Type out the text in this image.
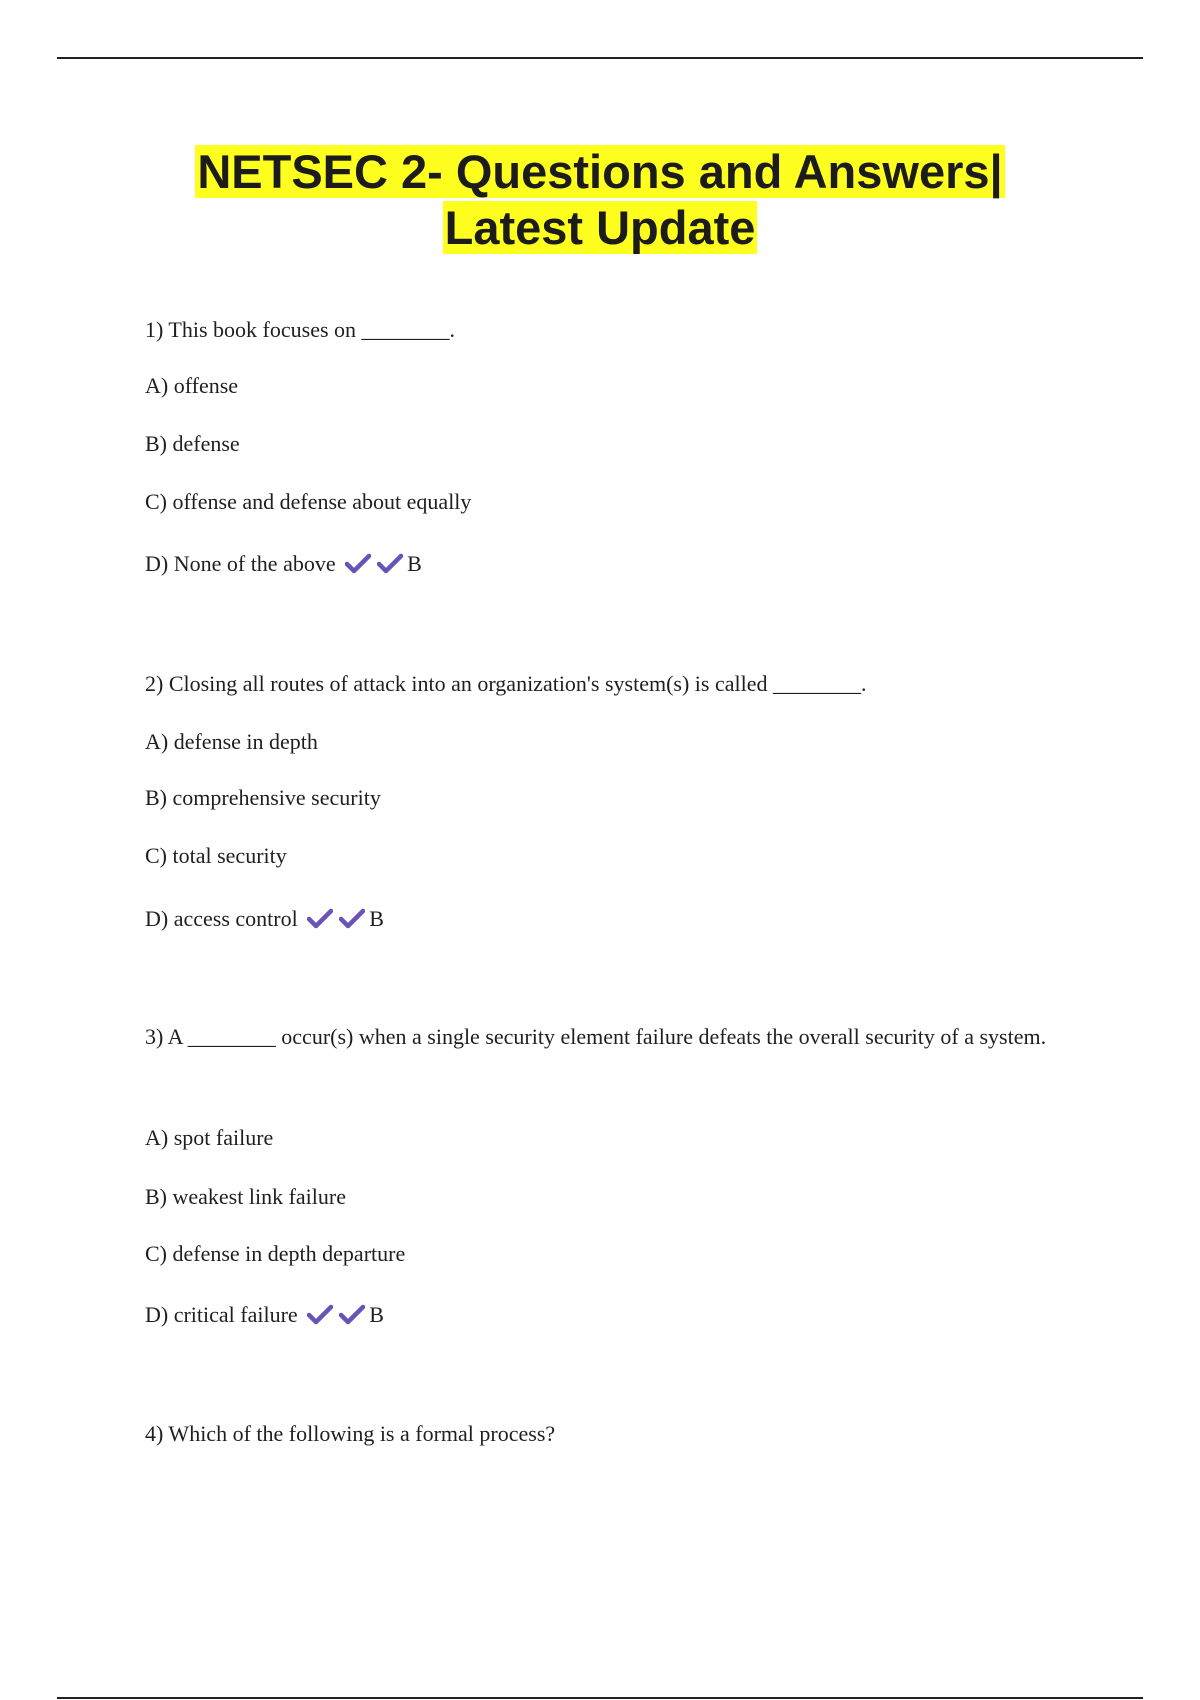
NETSEC 2- Questions and Answers|
Latest Update
1) This book focuses on ________.
A) offense
B) defense
C) offense and defense about equally
D) None of the above	B
2) Closing all routes of attack into an organization's system(s) is called ________.
A) defense in depth
B) comprehensive security
C) total security
D) access control	B
3) A ________ occur(s) when a single security element failure defeats the overall security of a system.
A) spot failure
B) weakest link failure
C) defense in depth departure
D) critical failure	B
4) Which of the following is a formal process?
